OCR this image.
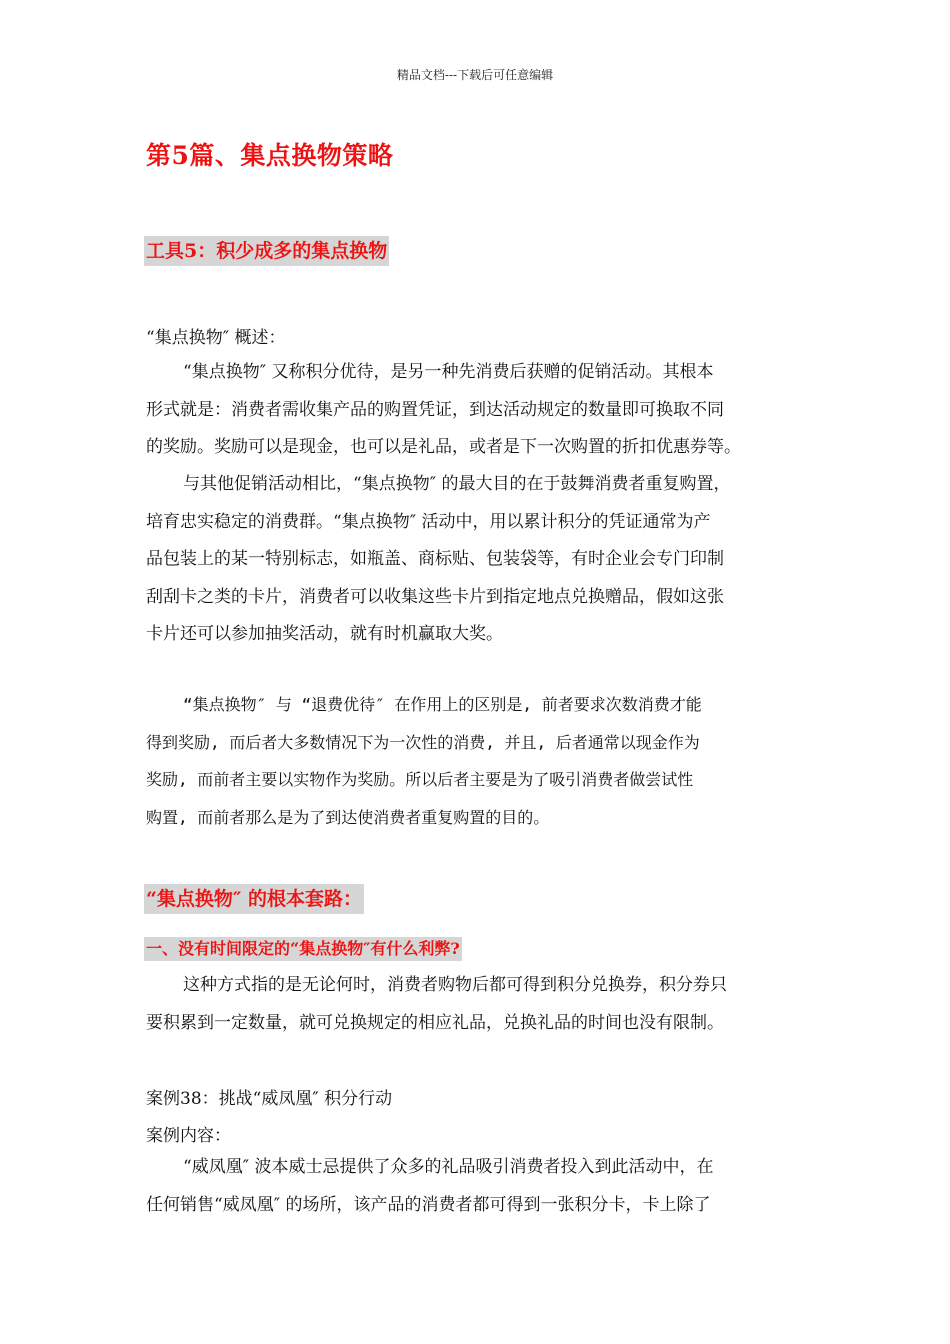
精品文档---下载后可任意编辑
第5篇、集点换物策略
工具5：积少成多的集点换物
“集点换物″ 概述：

“集点换物″ 又称积分优待，是另一种先消费后获赠的促销活动。其根本

形式就是：消费者需收集产品的购置凭证，到达活动规定的数量即可换取不同

的奖励。奖励可以是现金，也可以是礼品，或者是下一次购置的折扣优惠券等。

与其他促销活动相比，“集点换物″ 的最大目的在于鼓舞消费者重复购置，

培育忠实稳定的消费群。“集点换物″ 活动中，用以累计积分的凭证通常为产

品包装上的某一特别标志，如瓶盖、商标贴、包装袋等，有时企业会专门印制

刮刮卡之类的卡片，消费者可以收集这些卡片到指定地点兑换赠品，假如这张

卡片还可以参加抽奖活动，就有时机赢取大奖。

“集点换物″ 与 “退费优待″ 在作用上的区别是, 前者要求次数消费才能

得到奖励, 而后者大多数情况下为一次性的消费, 并且, 后者通常以现金作为

奖励, 而前者主要以实物作为奖励。所以后者主要是为了吸引消费者做尝试性

购置, 而前者那么是为了到达使消费者重复购置的目的。

“集点换物″ 的根本套路：
一、没有时间限定的“集点换物″有什么利弊?

这种方式指的是无论何时，消费者购物后都可得到积分兑换券，积分券只

要积累到一定数量，就可兑换规定的相应礼品，兑换礼品的时间也没有限制。

案例38：挑战“威凤凰″ 积分行动
案例内容：

“威凤凰″ 波本威士忌提供了众多的礼品吸引消费者投入到此活动中，在

任何销售“威凤凰″ 的场所，该产品的消费者都可得到一张积分卡，卡上除了
